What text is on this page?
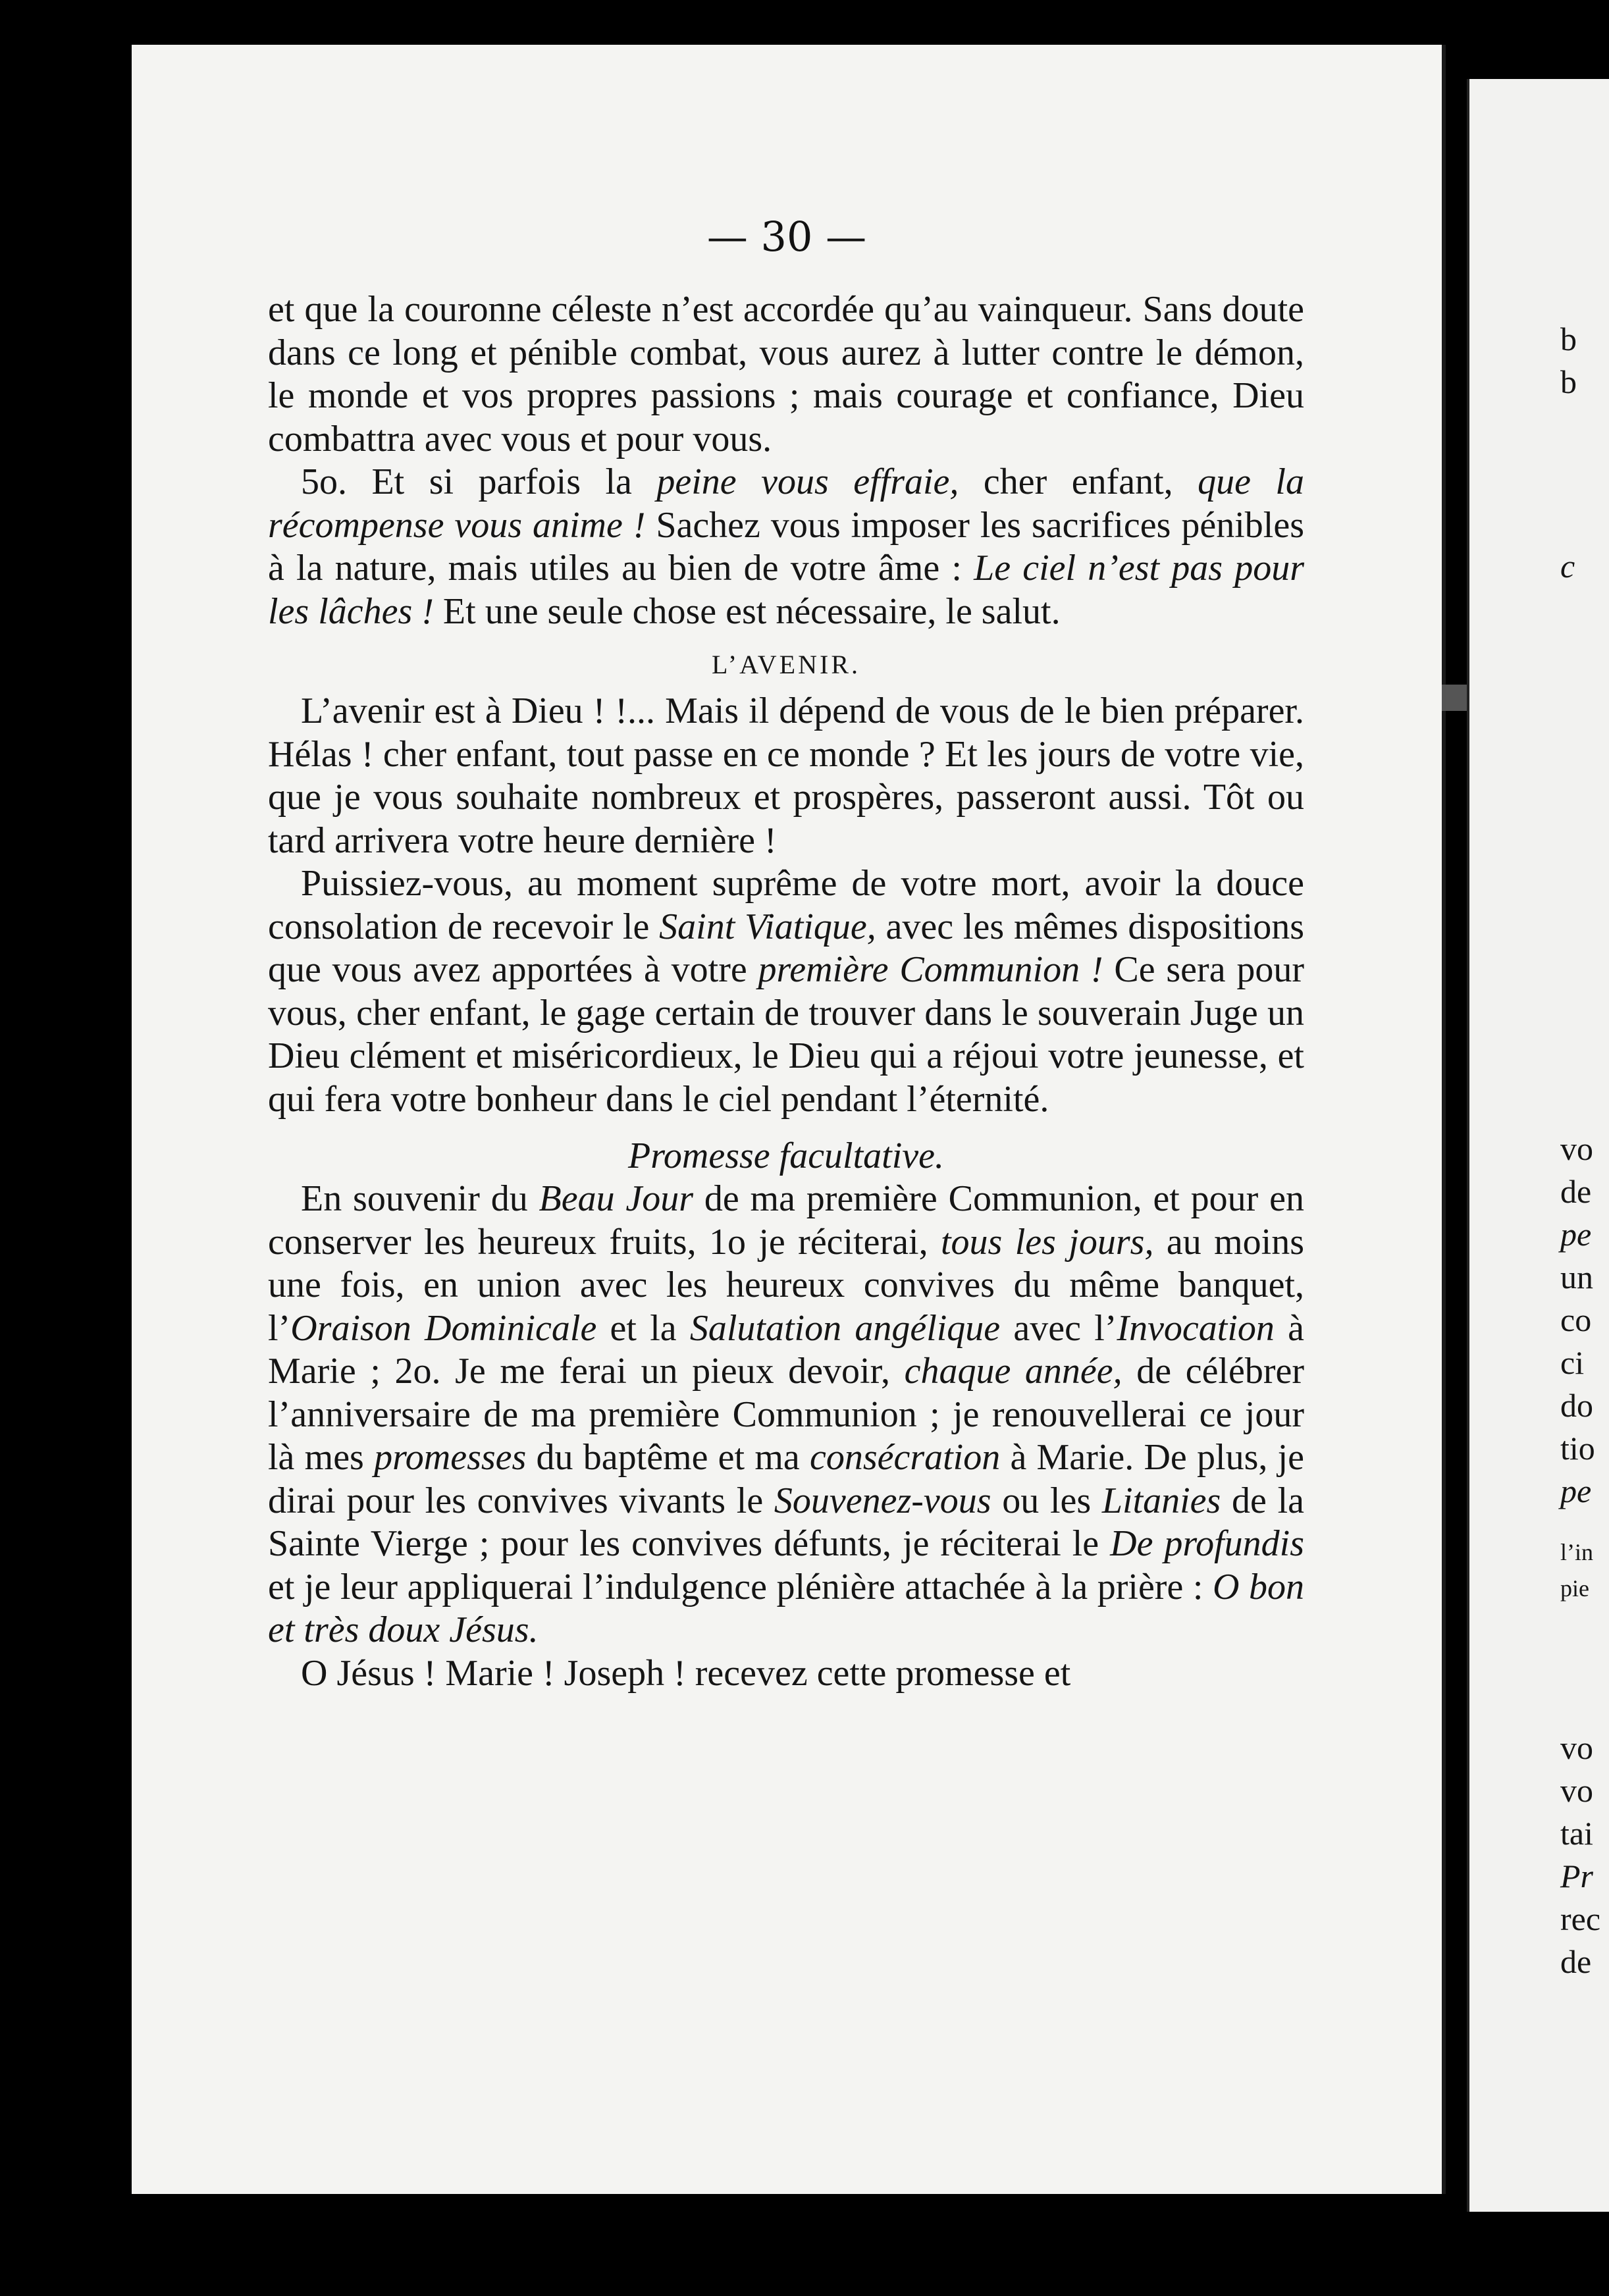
— 30 —

et que la couronne céleste n’est accordée qu’au vainqueur. Sans doute dans ce long et pénible combat, vous aurez à lutter contre le démon, le monde et vos propres passions ; mais courage et confiance, Dieu combattra avec vous et pour vous.

5o. Et si parfois la peine vous effraie, cher enfant, que la récompense vous anime ! Sachez vous imposer les sacrifices pénibles à la nature, mais utiles au bien de votre âme : Le ciel n’est pas pour les lâches ! Et une seule chose est nécessaire, le salut.

L’AVENIR.

L’avenir est à Dieu ! !... Mais il dépend de vous de le bien préparer. Hélas ! cher enfant, tout passe en ce monde ? Et les jours de votre vie, que je vous souhaite nombreux et prospères, passeront aussi. Tôt ou tard arrivera votre heure dernière !

Puissiez-vous, au moment suprême de votre mort, avoir la douce consolation de recevoir le Saint Viatique, avec les mêmes dispositions que vous avez apportées à votre première Communion ! Ce sera pour vous, cher enfant, le gage certain de trouver dans le souverain Juge un Dieu clément et miséricordieux, le Dieu qui a réjoui votre jeunesse, et qui fera votre bonheur dans le ciel pendant l’éternité.

Promesse facultative.

En souvenir du Beau Jour de ma première Communion, et pour en conserver les heureux fruits, 1o je réciterai, tous les jours, au moins une fois, en union avec les heureux convives du même banquet, l’Oraison Dominicale et la Salutation angélique avec l’Invocation à Marie ; 2o. Je me ferai un pieux devoir, chaque année, de célébrer l’anniversaire de ma première Communion ; je renouvellerai ce jour là mes promesses du baptême et ma consécration à Marie. De plus, je dirai pour les convives vivants le Souvenez-vous ou les Litanies de la Sainte Vierge ; pour les convives défunts, je réciterai le De profundis et je leur appliquerai l’indulgence plénière attachée à la prière : O bon et très doux Jésus.

O Jésus ! Marie ! Joseph ! recevez cette promesse et

b
b
c
vo
de
pe
un
co
ci
do
tio
pe
l’in
pie
vo
vo
tai
Pr
rec
de
